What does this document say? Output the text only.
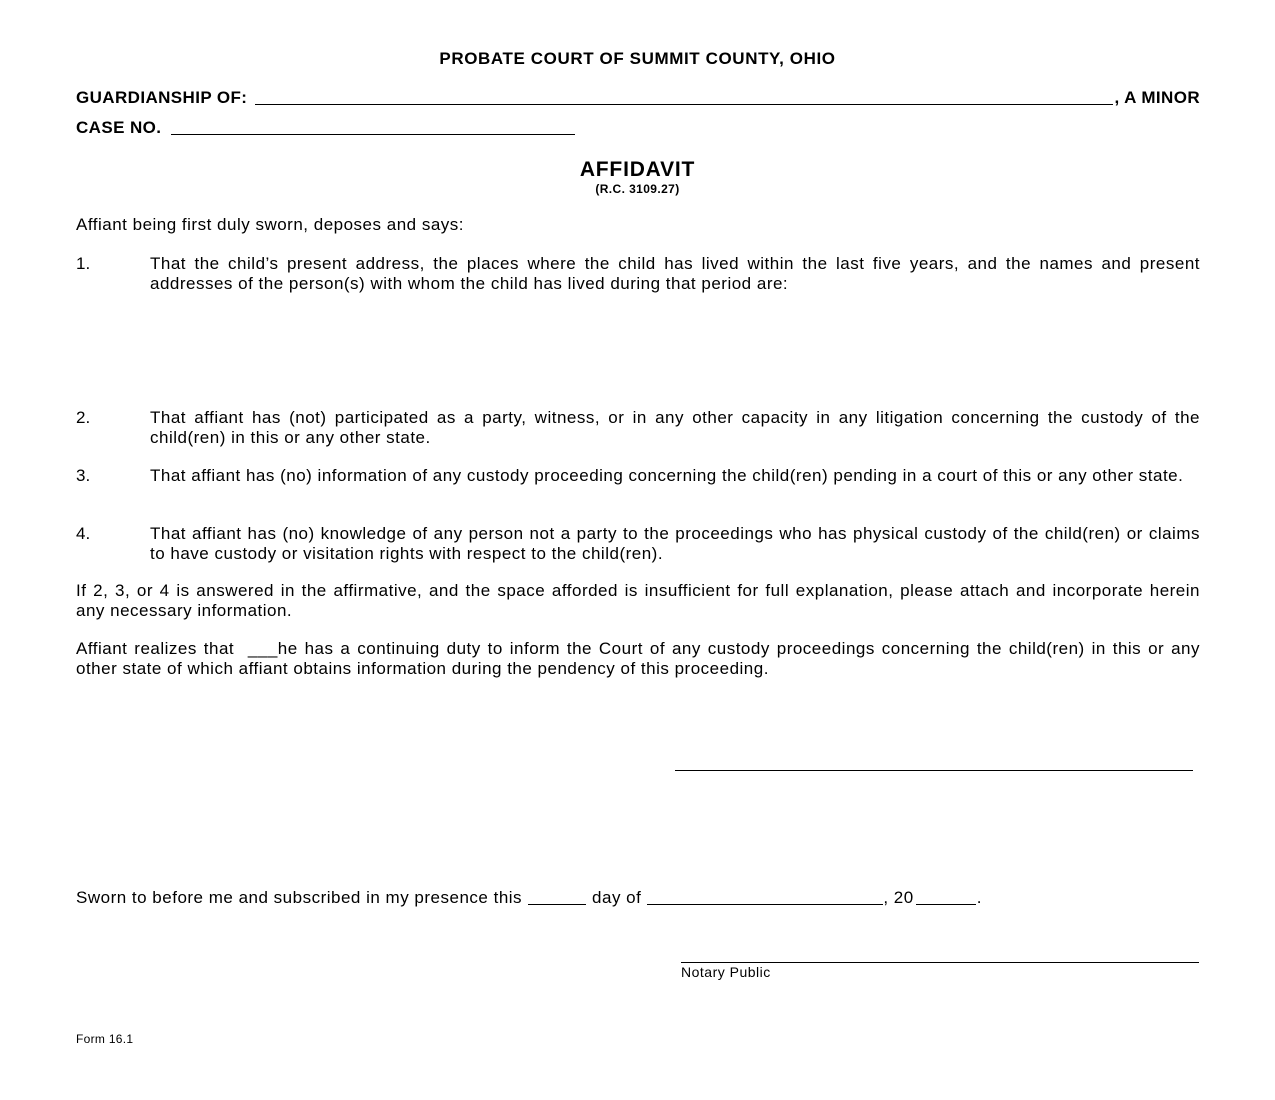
PROBATE COURT OF SUMMIT COUNTY, OHIO
GUARDIANSHIP OF:	, A MINOR
CASE NO.
AFFIDAVIT
(R.C. 3109.27)
Affiant being first duly sworn, deposes and says:
1.	That the child’s present address, the places where the child has lived within the last five years, and the names and present addresses of the person(s) with whom the child has lived during that period are:
2.	That affiant has (not) participated as a party, witness, or in any other capacity in any litigation concerning the custody of the child(ren) in this or any other state.
3.	That affiant has (no) information of any custody proceeding concerning the child(ren) pending in a court of this or any other state.
4.	That affiant has (no) knowledge of any person not a party to the proceedings who has physical custody of the child(ren) or claims to have custody or visitation rights with respect to the child(ren).
If 2, 3, or 4 is answered in the affirmative, and the space afforded is insufficient for full explanation, please attach and incorporate herein any necessary information.
Affiant realizes that  ___he has a continuing duty to inform the Court of any custody proceedings concerning the child(ren) in this or any other state of which affiant obtains information during the pendency of this proceeding.
Sworn to before me and subscribed in my presence this	day of	, 20	.
Notary Public
Form 16.1
